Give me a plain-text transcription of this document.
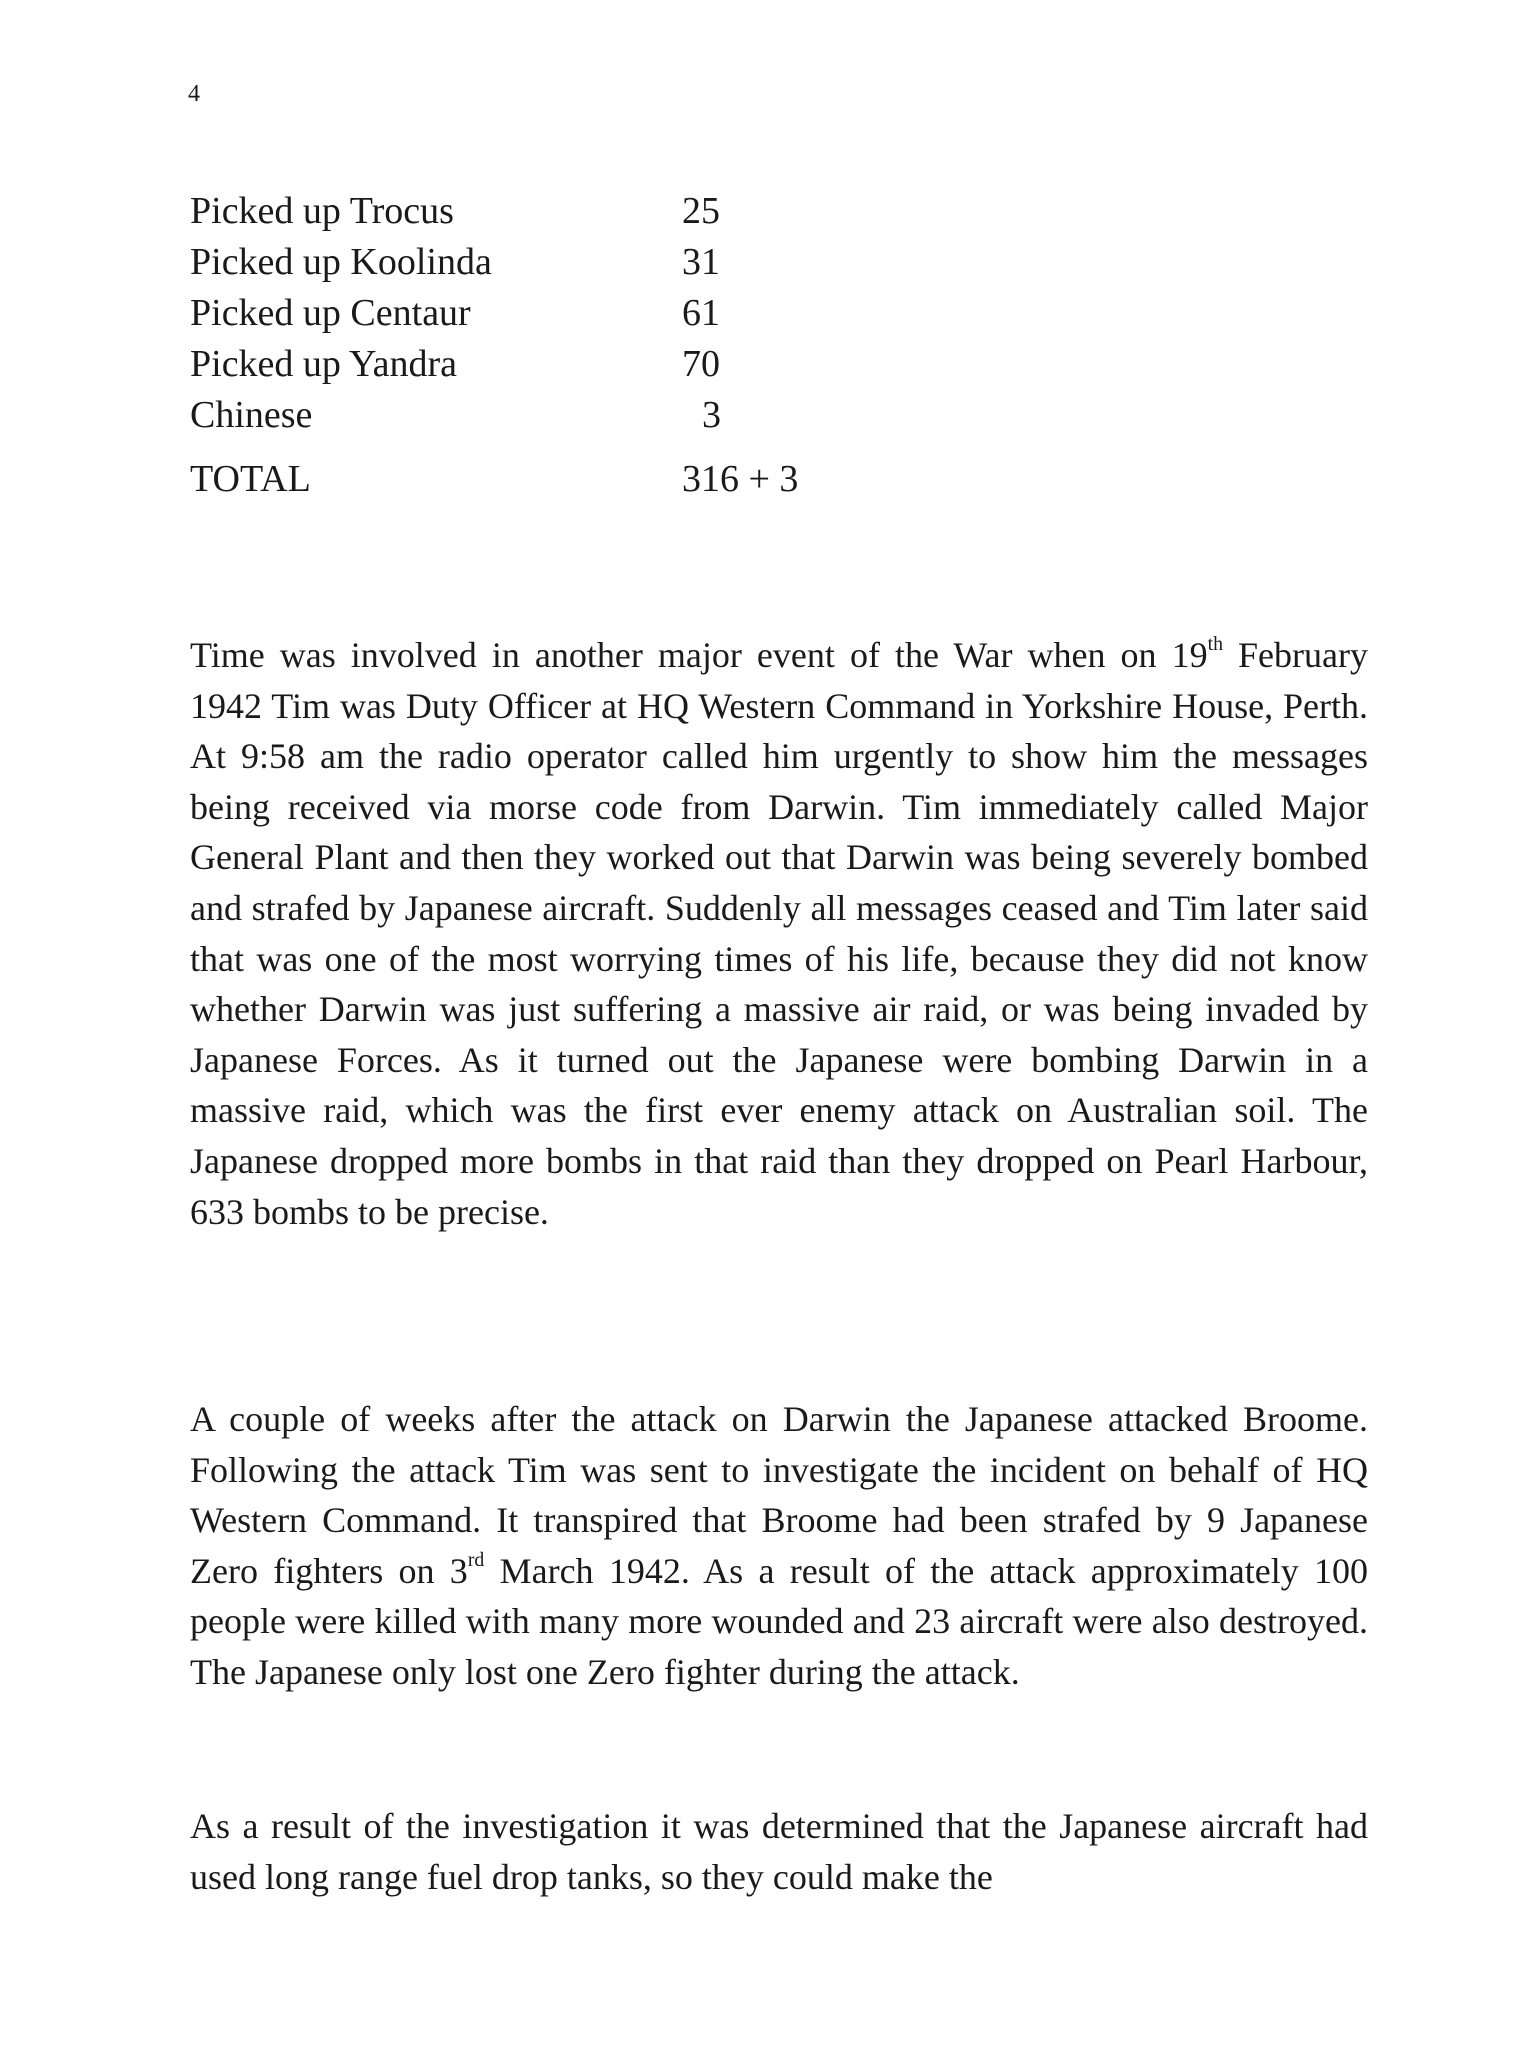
4
Picked up Trocus	25
Picked up Koolinda	31
Picked up Centaur	61
Picked up Yandra	70
Chinese	3
TOTAL	316 + 3

Time was involved in another major event of the War when on 19th February 1942 Tim was Duty Officer at HQ Western Command in Yorkshire House, Perth. At 9:58 am the radio operator called him urgently to show him the messages being received via morse code from Darwin. Tim immediately called Major General Plant and then they worked out that Darwin was being severely bombed and strafed by Japanese aircraft. Suddenly all messages ceased and Tim later said that was one of the most worrying times of his life, because they did not know whether Darwin was just suffering a massive air raid, or was being invaded by Japanese Forces. As it turned out the Japanese were bombing Darwin in a massive raid, which was the first ever enemy attack on Australian soil. The Japanese dropped more bombs in that raid than they dropped on Pearl Harbour, 633 bombs to be precise.

A couple of weeks after the attack on Darwin the Japanese attacked Broome. Following the attack Tim was sent to investigate the incident on behalf of HQ Western Command. It transpired that Broome had been strafed by 9 Japanese Zero fighters on 3rd March 1942. As a result of the attack approximately 100 people were killed with many more wounded and 23 aircraft were also destroyed. The Japanese only lost one Zero fighter during the attack.

As a result of the investigation it was determined that the Japanese aircraft had used long range fuel drop tanks, so they could make the
